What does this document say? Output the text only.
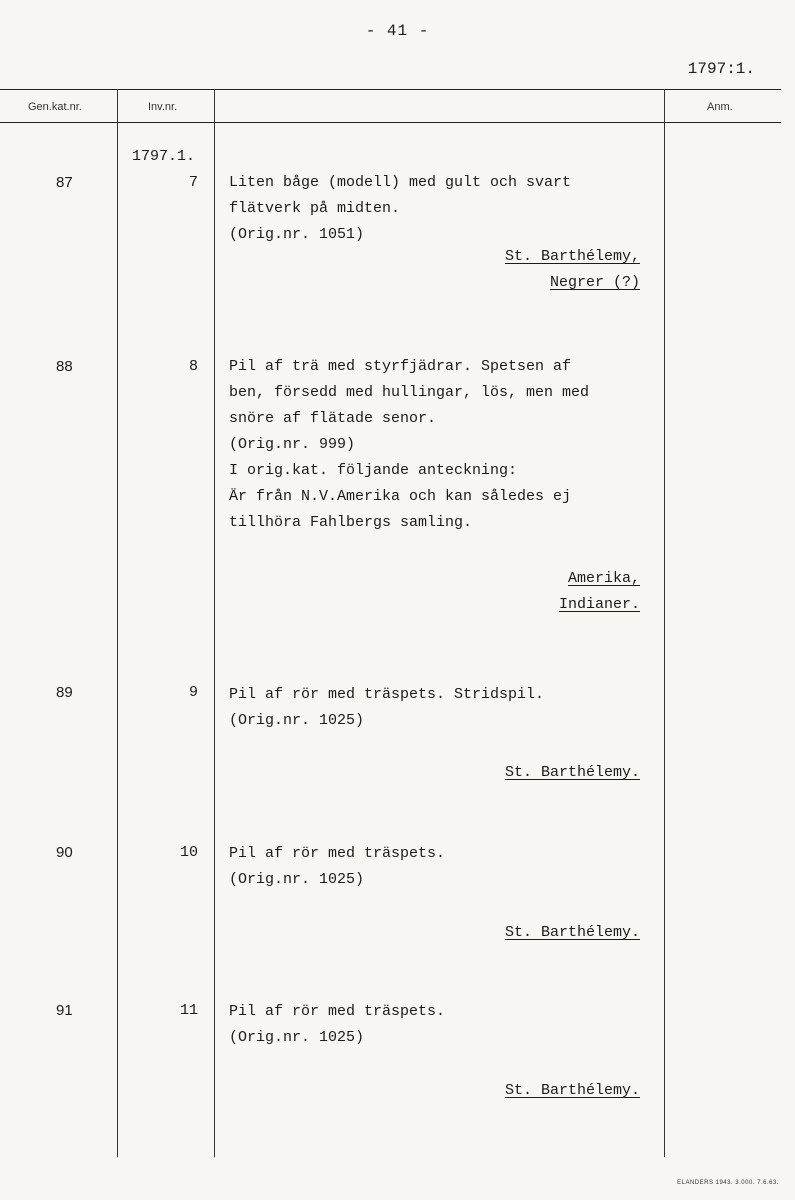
- 41 -
1797:1.
Gen.kat.nr.	Inv.nr.	Anm.
1797.1.
87	7 Liten båge (modell) med gult och svart
flätverk på midten.
(Orig.nr. 1051)
St. Barthélemy,
Negrer (?)
88	8 Pil af trä med styrfjädrar. Spetsen af
ben, försedd med hullingar, lös, men med
snöre af flätade senor.
(Orig.nr. 999)
I orig.kat. följande anteckning:
Är från N.V.Amerika och kan således ej
tillhöra Fahlbergs samling.
Amerika,
Indianer.
89	9 Pil af rör med träspets. Stridspil.
(Orig.nr. 1025)
St. Barthélemy.
90	10 Pil af rör med träspets.
(Orig.nr. 1025)
St. Barthélemy.
91	11 Pil af rör med träspets.
(Orig.nr. 1025)
St. Barthélemy.
ELANDERS 1943. 3.000. 7.6.63.
